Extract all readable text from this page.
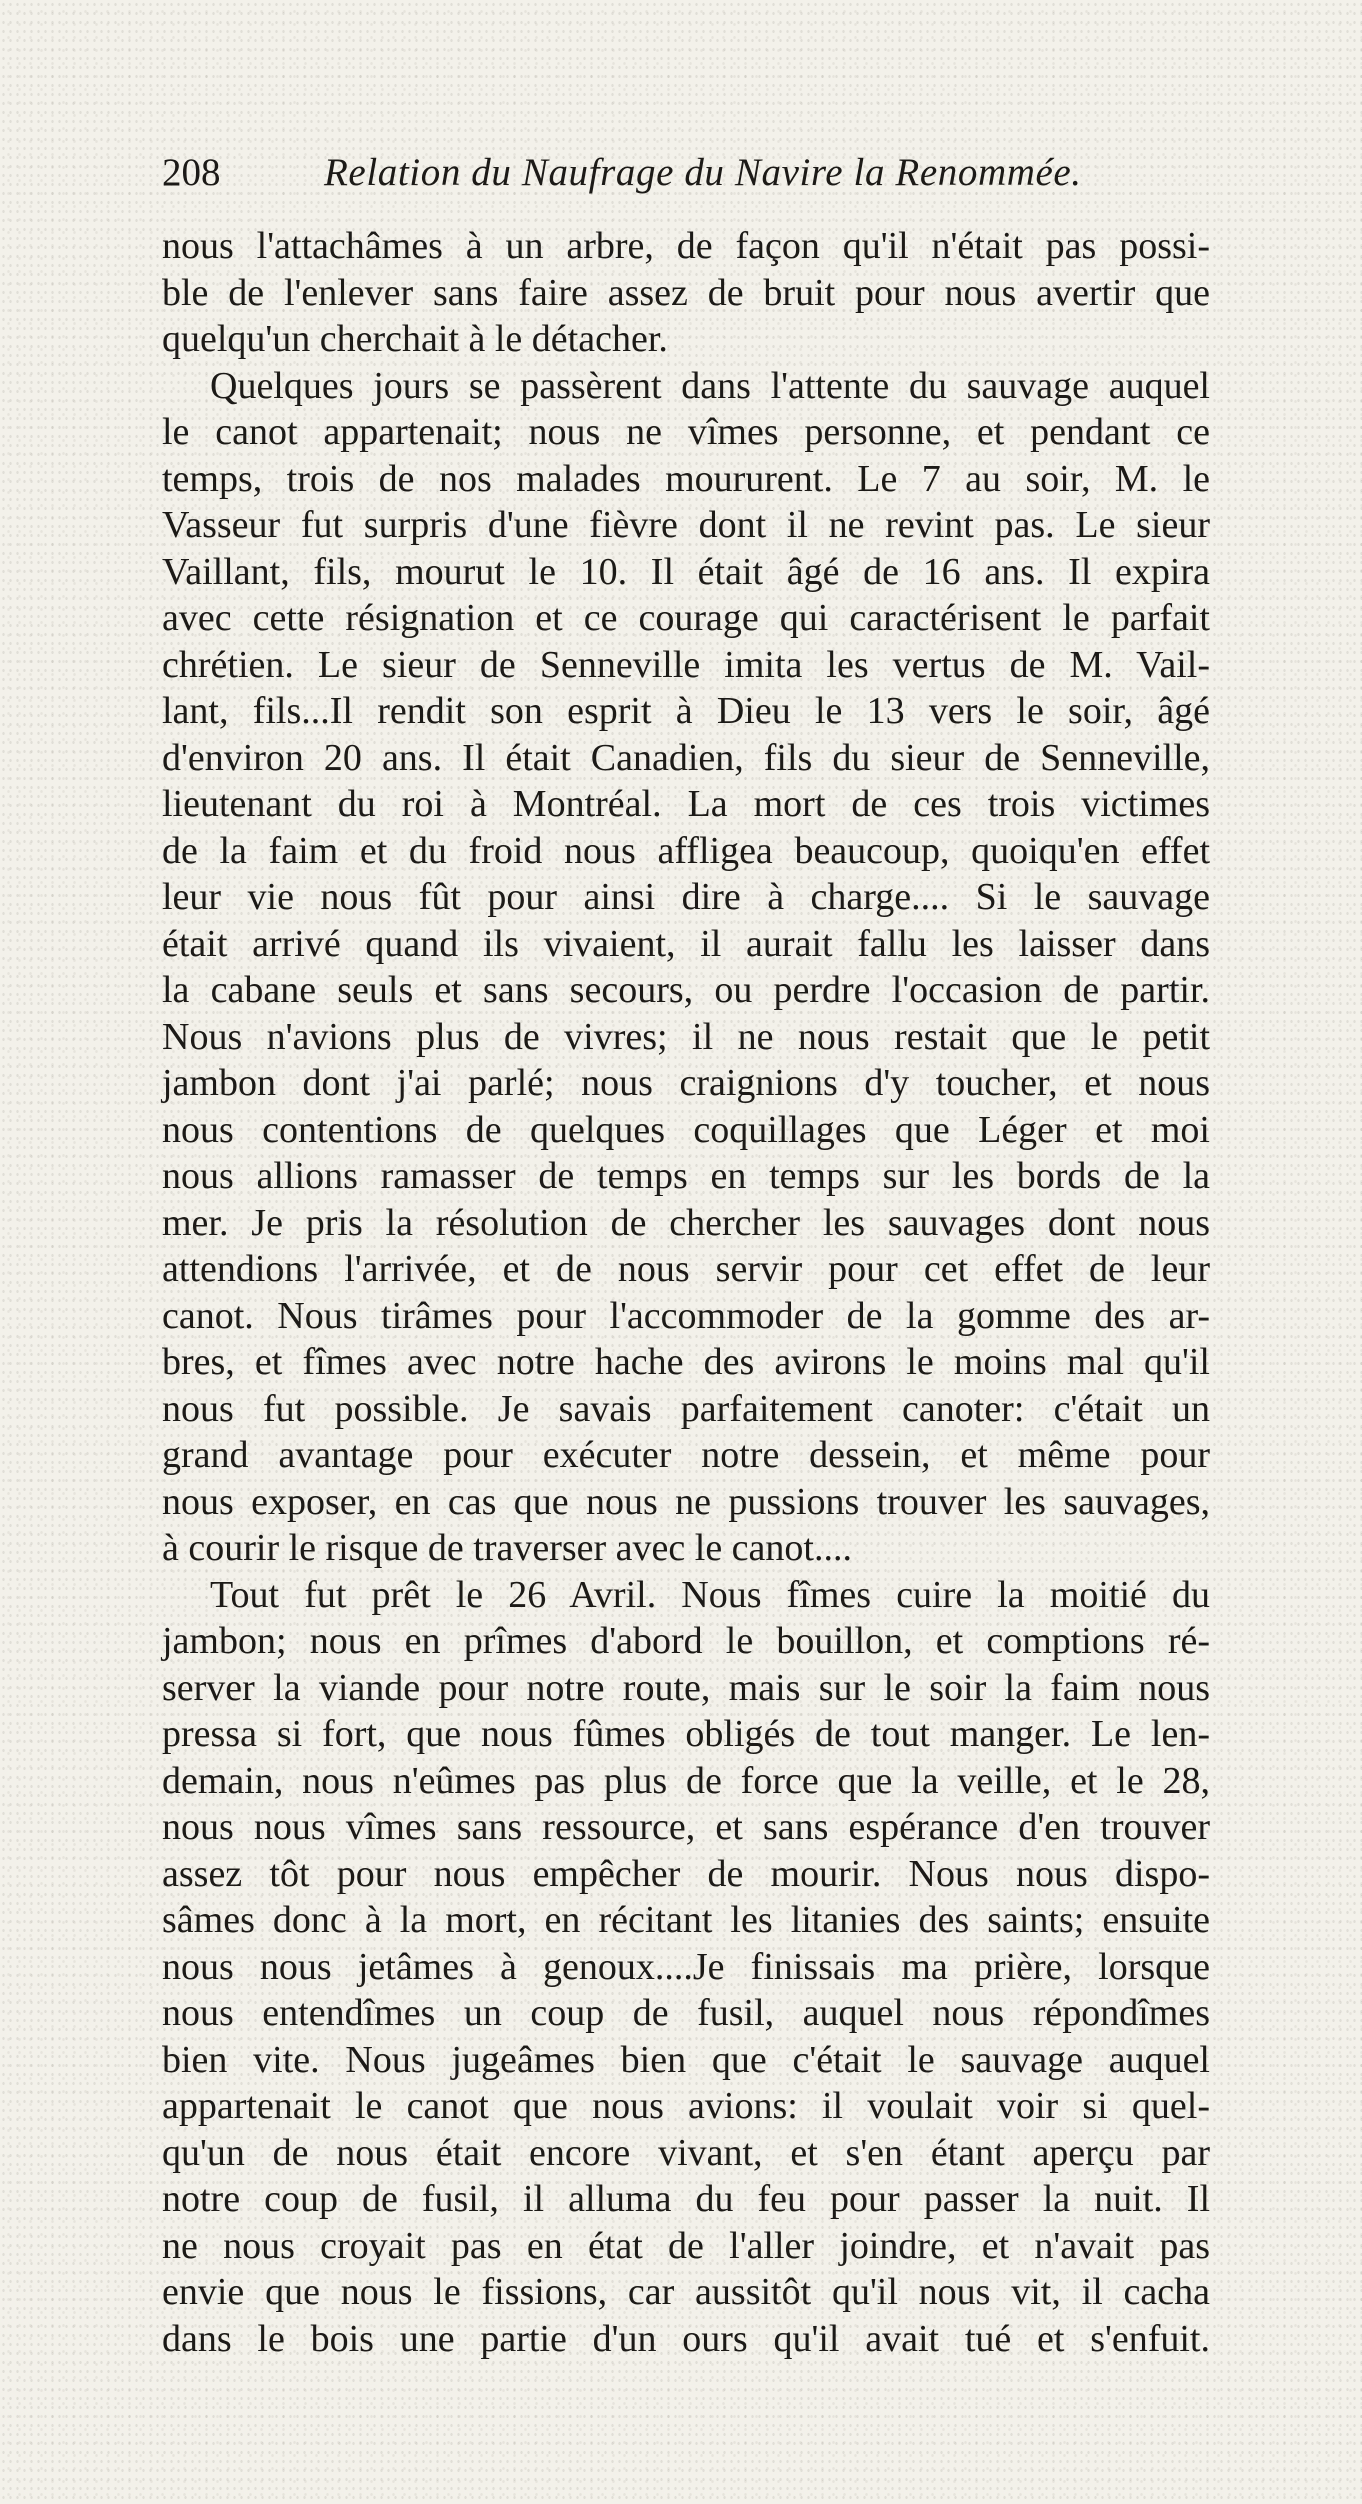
208	Relation du Naufrage du Navire la Renommée.
nous l'attachâmes à un arbre, de façon qu'il n'était pas possi-
ble de l'enlever sans faire assez de bruit pour nous avertir que
quelqu'un cherchait à le détacher.
Quelques jours se passèrent dans l'attente du sauvage auquel
le canot appartenait; nous ne vîmes personne, et pendant ce
temps, trois de nos malades moururent. Le 7 au soir, M. le
Vasseur fut surpris d'une fièvre dont il ne revint pas. Le sieur
Vaillant, fils, mourut le 10. Il était âgé de 16 ans. Il expira
avec cette résignation et ce courage qui caractérisent le parfait
chrétien. Le sieur de Senneville imita les vertus de M. Vail-
lant, fils...Il rendit son esprit à Dieu le 13 vers le soir, âgé
d'environ 20 ans. Il était Canadien, fils du sieur de Senneville,
lieutenant du roi à Montréal. La mort de ces trois victimes
de la faim et du froid nous affligea beaucoup, quoiqu'en effet
leur vie nous fût pour ainsi dire à charge.... Si le sauvage
était arrivé quand ils vivaient, il aurait fallu les laisser dans
la cabane seuls et sans secours, ou perdre l'occasion de partir.
Nous n'avions plus de vivres; il ne nous restait que le petit
jambon dont j'ai parlé; nous craignions d'y toucher, et nous
nous contentions de quelques coquillages que Léger et moi
nous allions ramasser de temps en temps sur les bords de la
mer. Je pris la résolution de chercher les sauvages dont nous
attendions l'arrivée, et de nous servir pour cet effet de leur
canot. Nous tirâmes pour l'accommoder de la gomme des ar-
bres, et fîmes avec notre hache des avirons le moins mal qu'il
nous fut possible. Je savais parfaitement canoter: c'était un
grand avantage pour exécuter notre dessein, et même pour
nous exposer, en cas que nous ne pussions trouver les sauvages,
à courir le risque de traverser avec le canot....
Tout fut prêt le 26 Avril. Nous fîmes cuire la moitié du
jambon; nous en prîmes d'abord le bouillon, et comptions ré-
server la viande pour notre route, mais sur le soir la faim nous
pressa si fort, que nous fûmes obligés de tout manger. Le len-
demain, nous n'eûmes pas plus de force que la veille, et le 28,
nous nous vîmes sans ressource, et sans espérance d'en trouver
assez tôt pour nous empêcher de mourir. Nous nous dispo-
sâmes donc à la mort, en récitant les litanies des saints; ensuite
nous nous jetâmes à genoux....Je finissais ma prière, lorsque
nous entendîmes un coup de fusil, auquel nous répondîmes
bien vite. Nous jugeâmes bien que c'était le sauvage auquel
appartenait le canot que nous avions: il voulait voir si quel-
qu'un de nous était encore vivant, et s'en étant aperçu par
notre coup de fusil, il alluma du feu pour passer la nuit. Il
ne nous croyait pas en état de l'aller joindre, et n'avait pas
envie que nous le fissions, car aussitôt qu'il nous vit, il cacha
dans le bois une partie d'un ours qu'il avait tué et s'enfuit.
